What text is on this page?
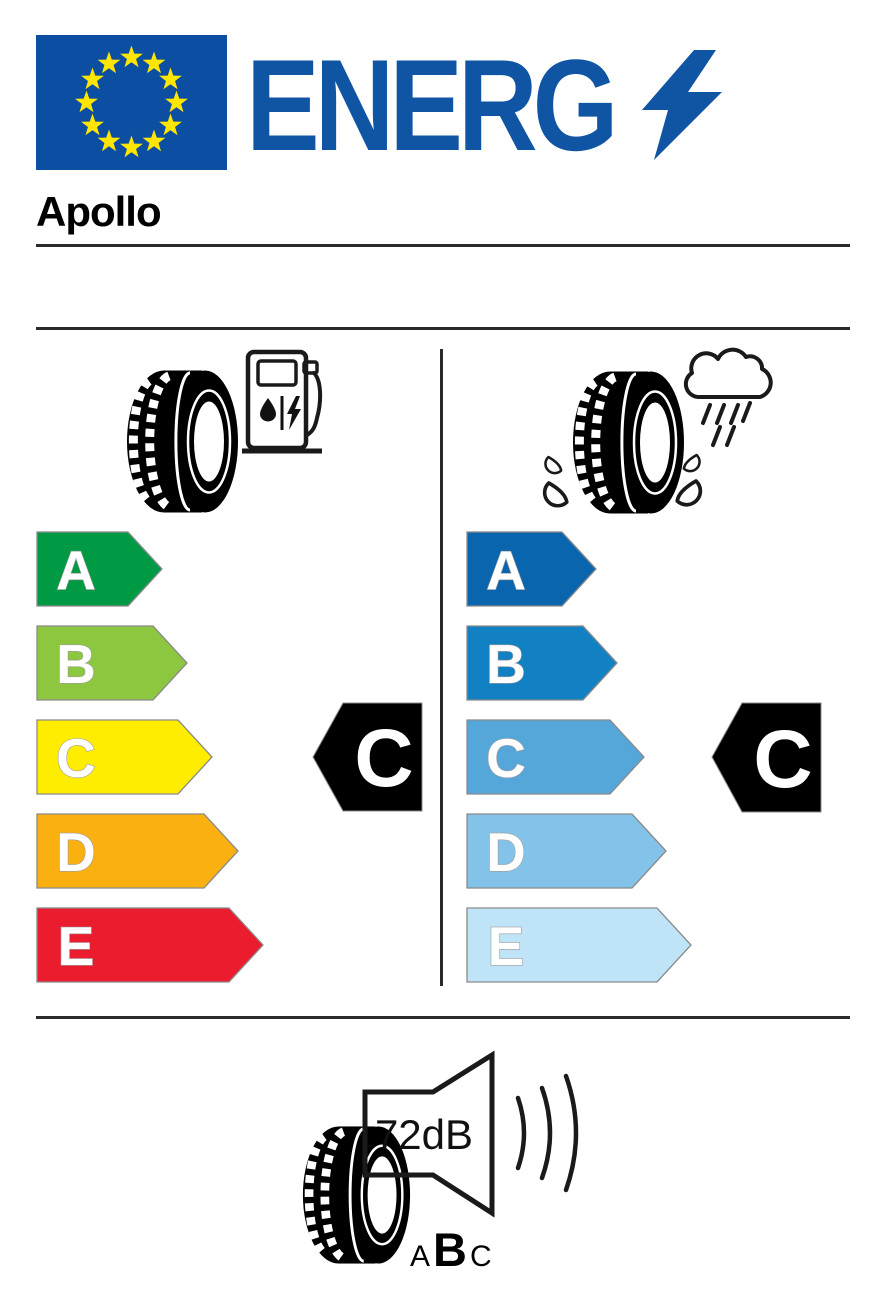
ENERG
Apollo
A
B
C
D
E
C
A
B
C
D
E
C
72dB
A B C
